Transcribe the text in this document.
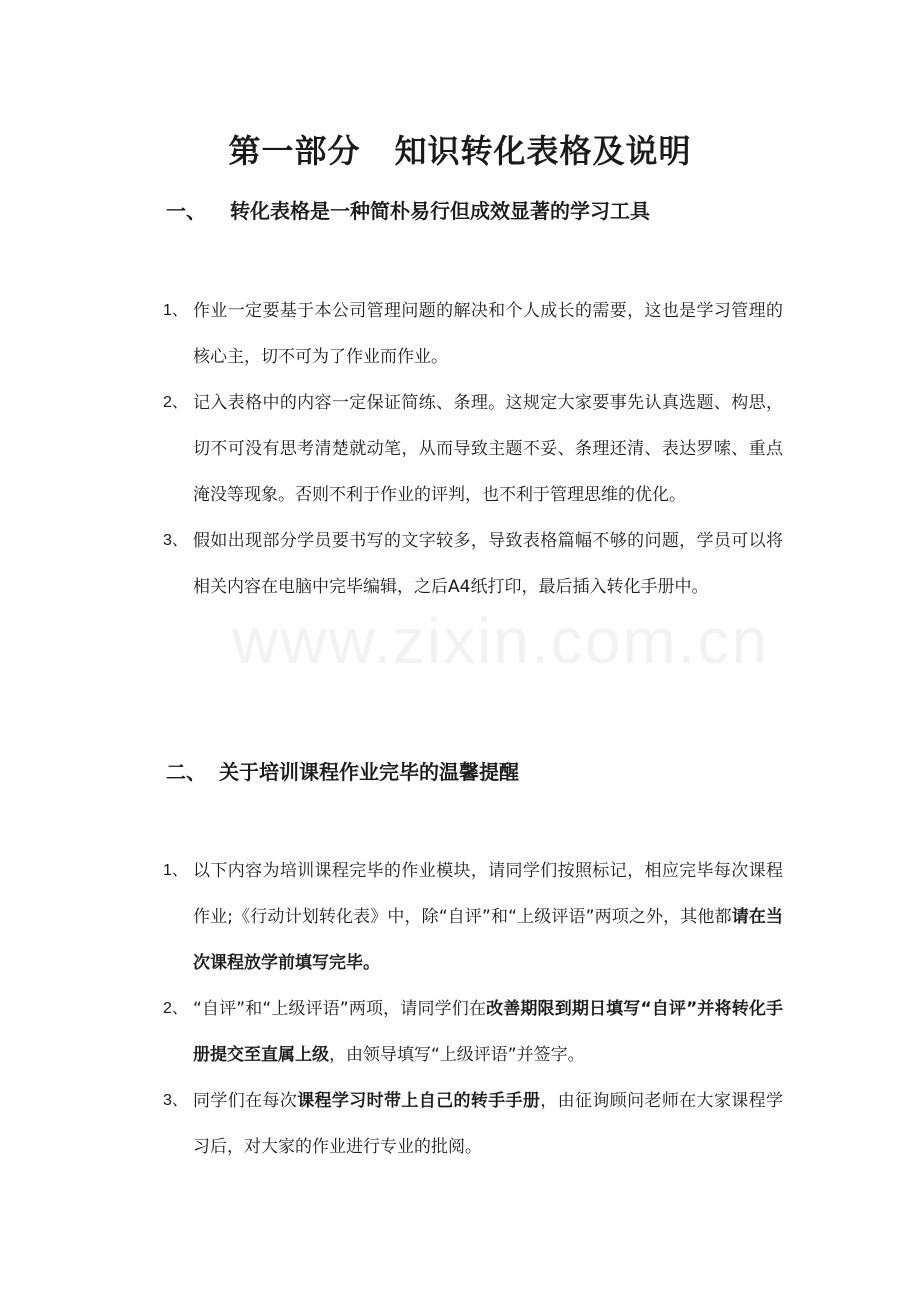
第一部分 知识转化表格及说明
一、 转化表格是一种简朴易行但成效显著的学习工具
1、 作业一定要基于本公司管理问题的解决和个人成长的需要，这也是学习管理的核心主，切不可为了作业而作业。
2、 记入表格中的内容一定保证简练、条理。这规定大家要事先认真选题、构思，切不可没有思考清楚就动笔，从而导致主题不妥、条理还清、表达罗嗦、重点淹没等现象。否则不利于作业的评判，也不利于管理思维的优化。
3、 假如出现部分学员要书写的文字较多，导致表格篇幅不够的问题，学员可以将相关内容在电脑中完毕编辑，之后A4纸打印，最后插入转化手册中。
二、 关于培训课程作业完毕的温馨提醒
1、 以下内容为培训课程完毕的作业模块，请同学们按照标记，相应完毕每次课程作业;《行动计划转化表》中，除“自评”和“上级评语”两项之外，其他都请在当次课程放学前填写完毕。
2、 “自评”和“上级评语”两项，请同学们在改善期限到期日填写“自评”并将转化手册提交至直属上级，由领导填写“上级评语”并签字。
3、 同学们在每次课程学习时带上自己的转手手册，由征询顾问老师在大家课程学习后，对大家的作业进行专业的批阅。
www.zixin.com.cn
